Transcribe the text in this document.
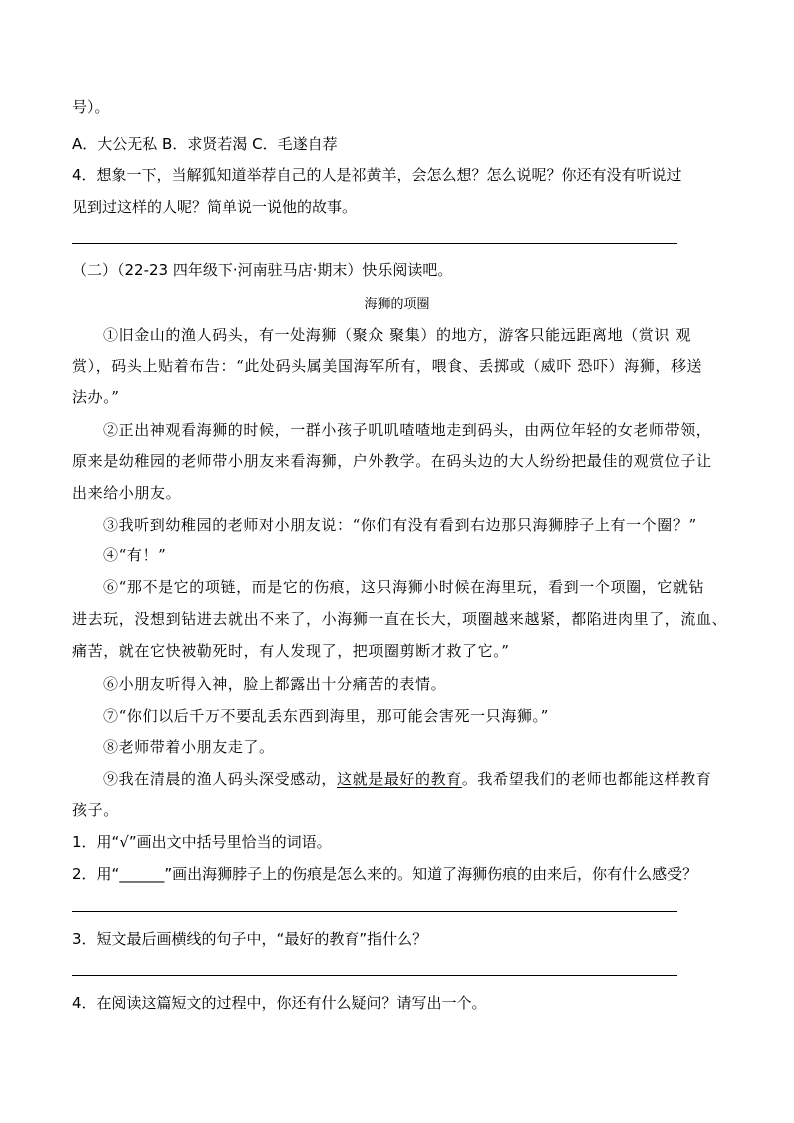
号）。
A．大公无私 B．求贤若渴 C．毛遂自荐
4．想象一下，当解狐知道举荐自己的人是祁黄羊，会怎么想？怎么说呢？你还有没有听说过
见到过这样的人呢？简单说一说他的故事。
（二）（22-23 四年级下·河南驻马店·期末）快乐阅读吧。
海狮的项圈
①旧金山的渔人码头，有一处海狮（聚众 聚集）的地方，游客只能远距离地（赏识 观
赏），码头上贴着布告：“此处码头属美国海军所有，喂食、丢掷或（威吓 恐吓）海狮，移送
法办。”
②正出神观看海狮的时候，一群小孩子叽叽喳喳地走到码头，由两位年轻的女老师带领，
原来是幼稚园的老师带小朋友来看海狮，户外教学。在码头边的大人纷纷把最佳的观赏位子让
出来给小朋友。
③我听到幼稚园的老师对小朋友说：“你们有没有看到右边那只海狮脖子上有一个圈？”
④“有！”
⑥“那不是它的项链，而是它的伤痕，这只海狮小时候在海里玩，看到一个项圈，它就钻
进去玩，没想到钻进去就出不来了，小海狮一直在长大，项圈越来越紧，都陷进肉里了，流血、
痛苦，就在它快被勒死时，有人发现了，把项圈剪断才救了它。”
⑥小朋友听得入神，脸上都露出十分痛苦的表情。
⑦“你们以后千万不要乱丢东西到海里，那可能会害死一只海狮。”
⑧老师带着小朋友走了。
⑨我在清晨的渔人码头深受感动，这就是最好的教育。我希望我们的老师也都能这样教育
孩子。
1．用“√”画出文中括号里恰当的词语。
2．用“______”画出海狮脖子上的伤痕是怎么来的。知道了海狮伤痕的由来后，你有什么感受？
3．短文最后画横线的句子中，“最好的教育”指什么？
4．在阅读这篇短文的过程中，你还有什么疑问？请写出一个。
